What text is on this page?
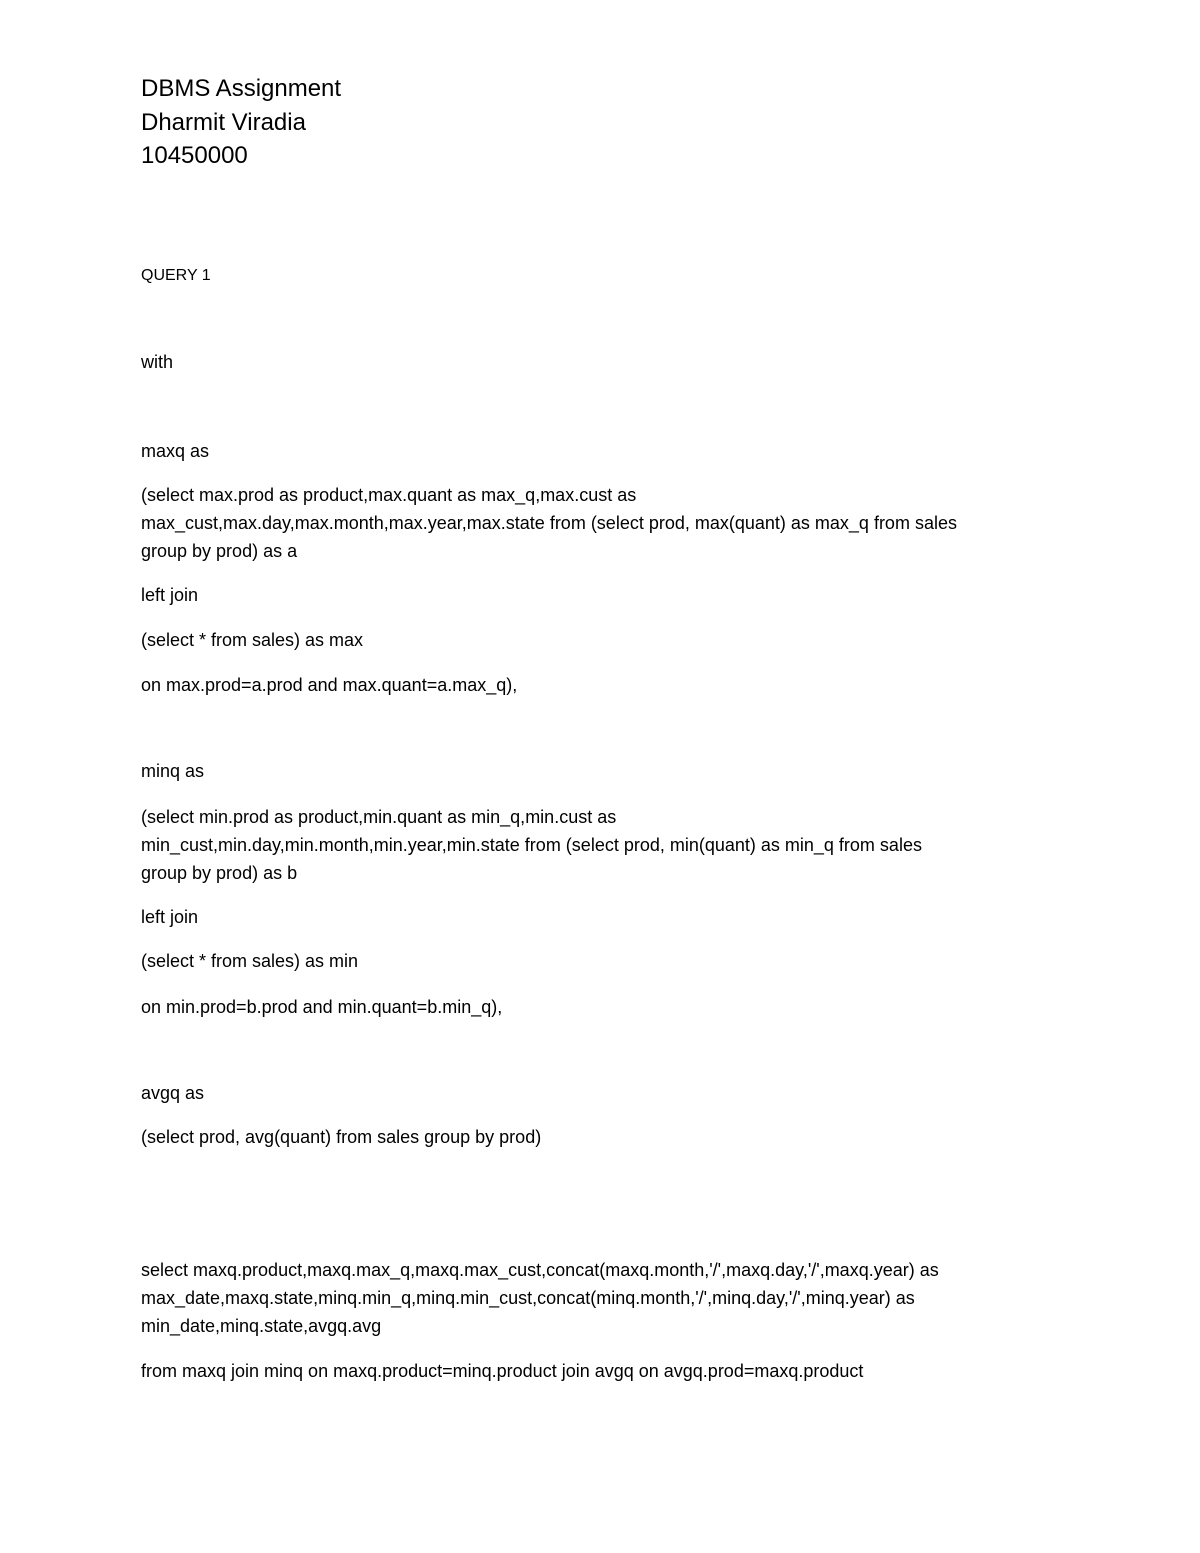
DBMS Assignment

Dharmit Viradia

10450000

QUERY 1

with

maxq as

(select max.prod as product,max.quant as max_q,max.cust as

max_cust,max.day,max.month,max.year,max.state from (select prod, max(quant) as max_q from sales

group by prod) as a

left join

(select * from sales) as max

on max.prod=a.prod and max.quant=a.max_q),

minq as

(select min.prod as product,min.quant as min_q,min.cust as

min_cust,min.day,min.month,min.year,min.state from (select prod, min(quant) as min_q from sales

group by prod) as b

left join

(select * from sales) as min

on min.prod=b.prod and min.quant=b.min_q),

avgq as

(select prod, avg(quant) from sales group by prod)

select maxq.product,maxq.max_q,maxq.max_cust,concat(maxq.month,'/',maxq.day,'/',maxq.year) as

max_date,maxq.state,minq.min_q,minq.min_cust,concat(minq.month,'/',minq.day,'/',minq.year) as

min_date,minq.state,avgq.avg

from maxq join minq on maxq.product=minq.product join avgq on avgq.prod=maxq.product
